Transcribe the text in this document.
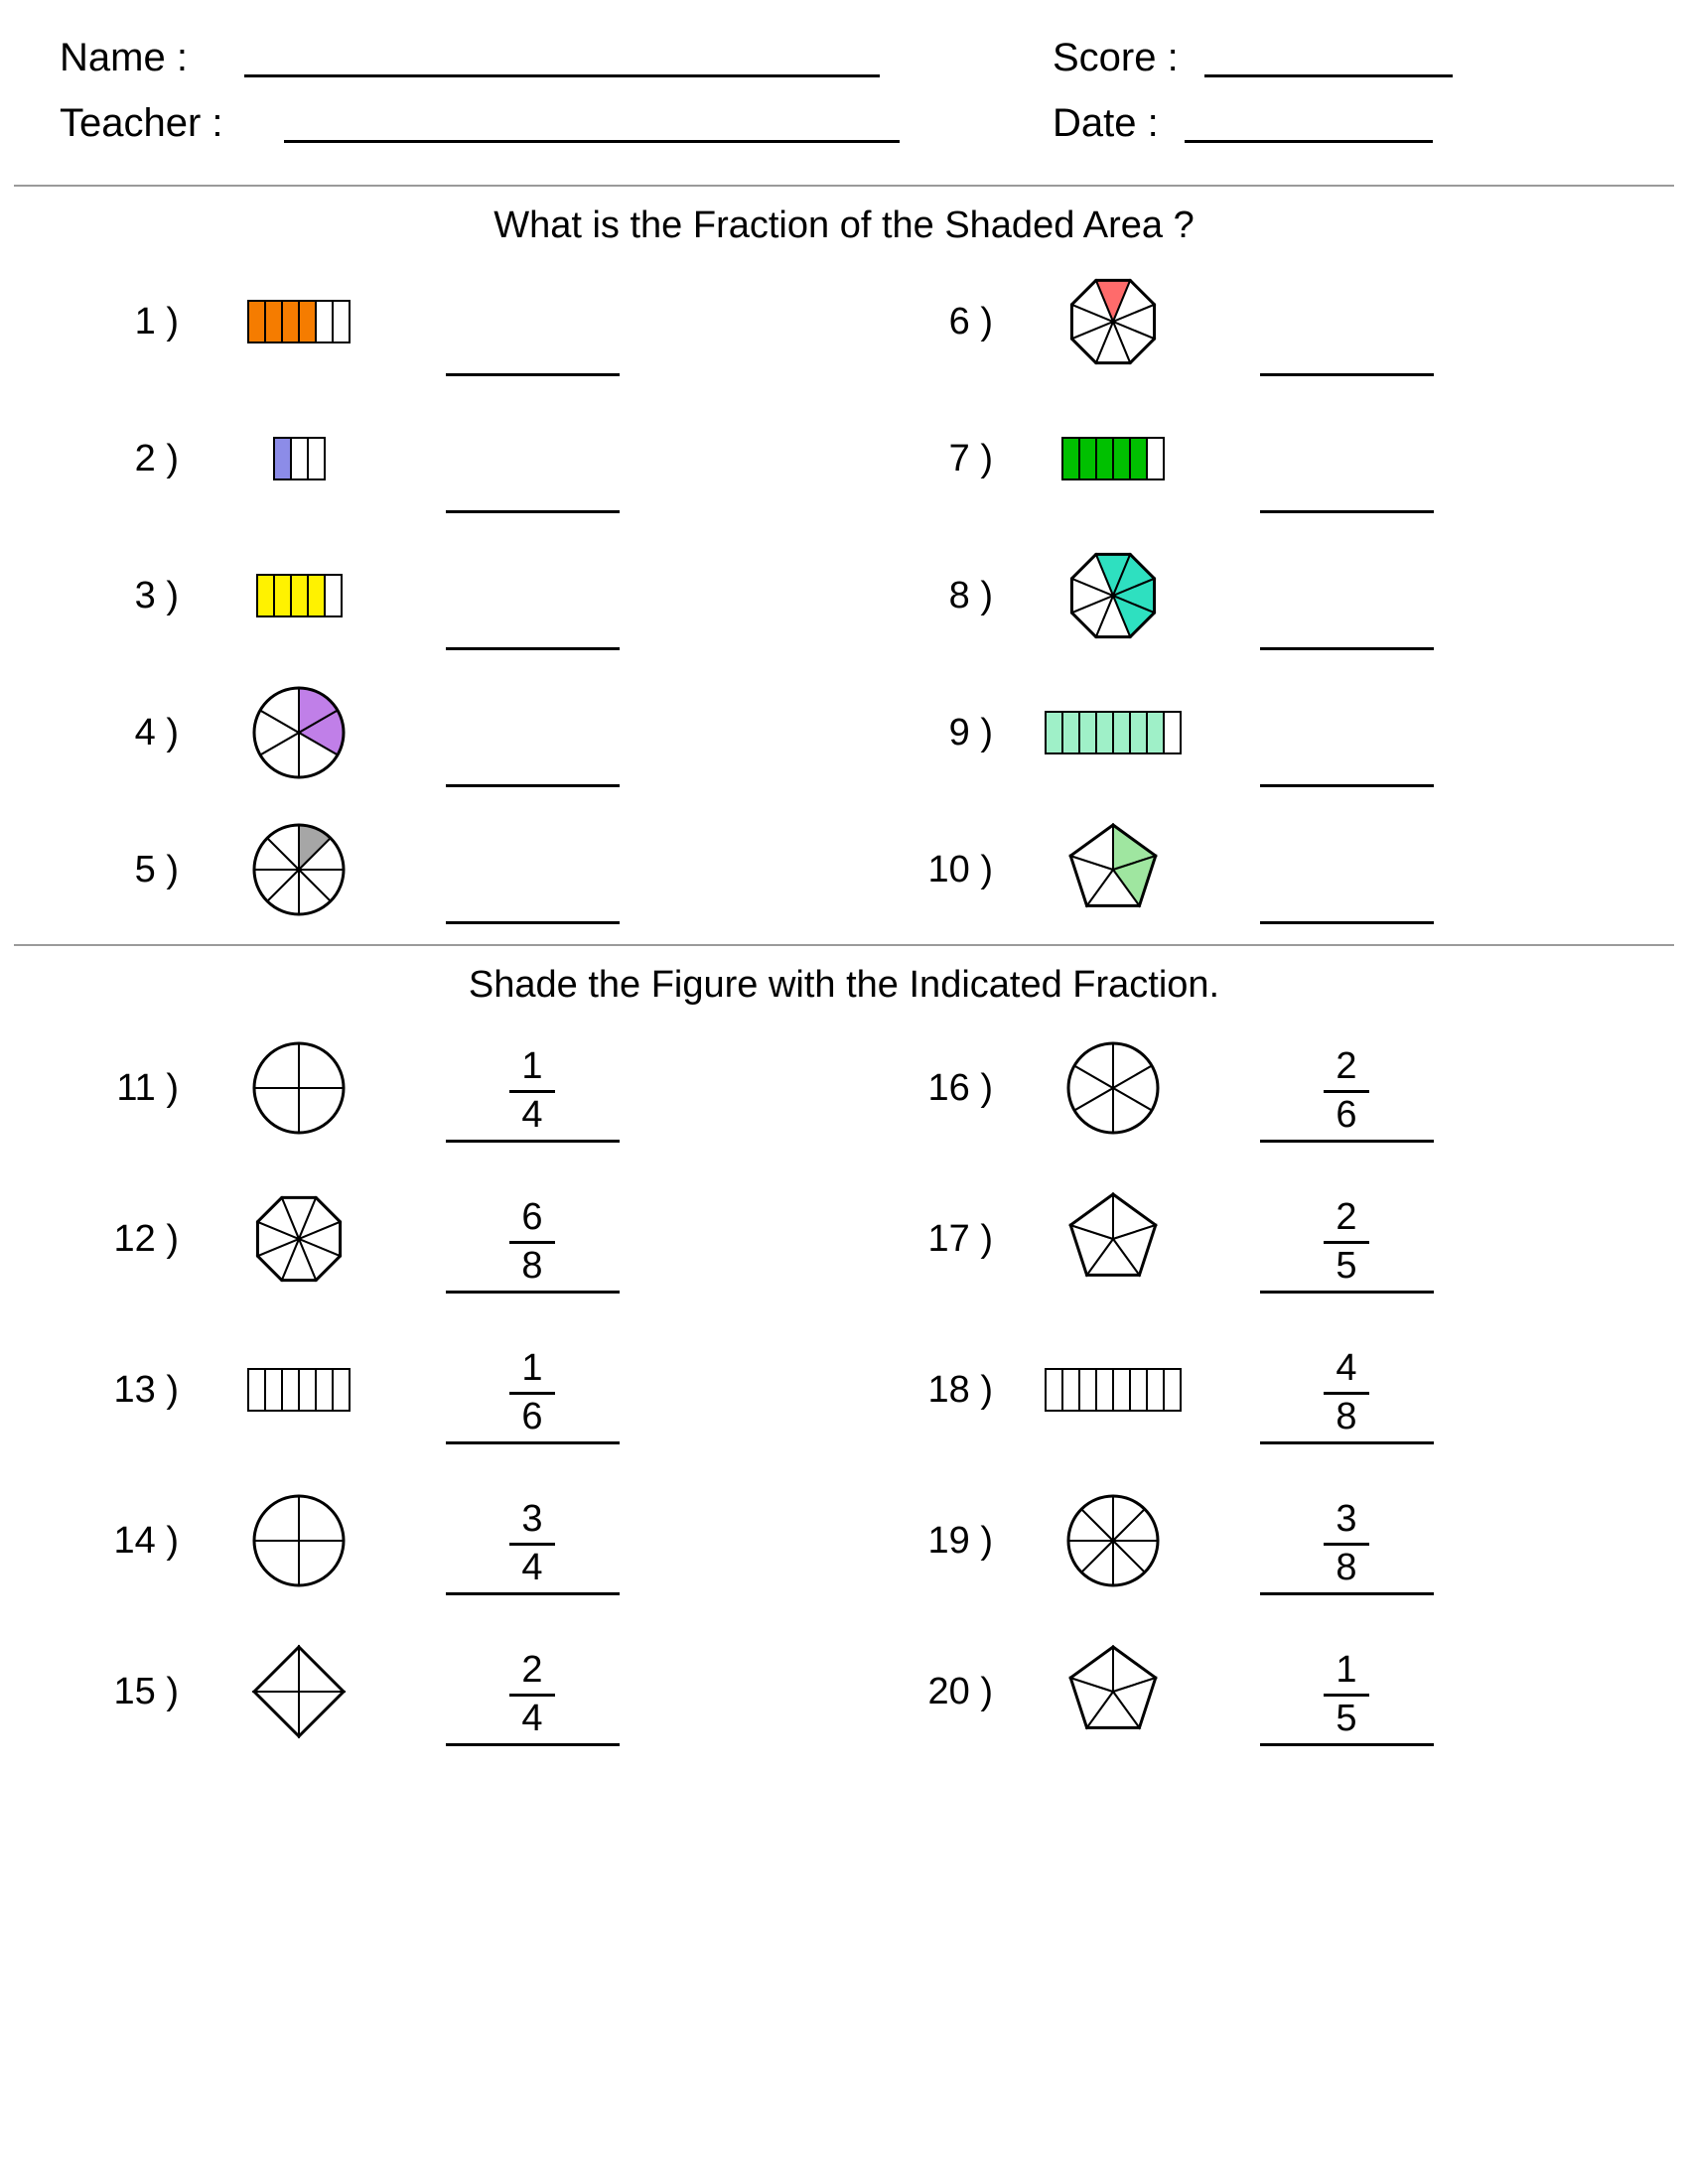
Name :	Score :
Teacher :	Date :
What is the Fraction of the Shaded Area ?
1 )	6 )
2 )	7 )
3 )	8 )
4 )	9 )
5 )	10 )
Shade the Figure with the Indicated Fraction.
11 )	$\frac{1}{4}$	16 )	$\frac{2}{6}$
12 )	$\frac{6}{8}$	17 )	$\frac{2}{5}$
13 )	$\frac{1}{6}$	18 )	$\frac{4}{8}$
14 )	$\frac{3}{4}$	19 )	$\frac{3}{8}$
15 )	$\frac{2}{4}$	20 )	$\frac{1}{5}$
